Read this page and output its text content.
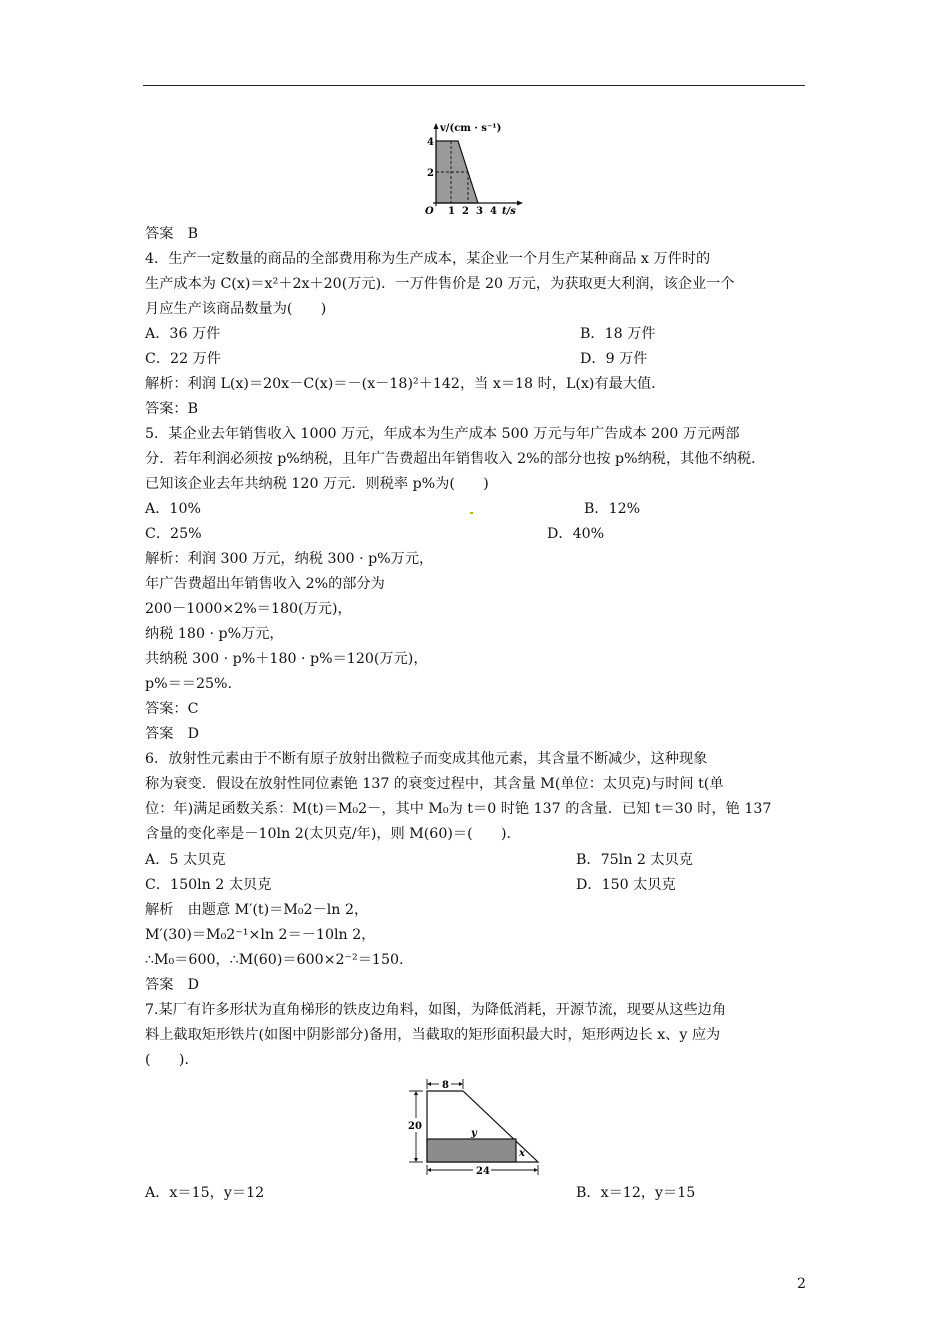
v/(cm · s⁻¹)
4
2
O 1 2 3 4 t/s
答案　B
4．生产一定数量的商品的全部费用称为生产成本，某企业一个月生产某种商品 x 万件时的
生产成本为 C(x)＝x²＋2x＋20(万元)．一万件售价是 20 万元，为获取更大利润，该企业一个
月应生产该商品数量为(　　)
A．36 万件	B．18 万件
C．22 万件	D．9 万件
解析：利润 L(x)＝20x－C(x)＝－(x－18)²＋142，当 x＝18 时，L(x)有最大值．
答案：B
5．某企业去年销售收入 1000 万元，年成本为生产成本 500 万元与年广告成本 200 万元两部
分．若年利润必须按 p%纳税，且年广告费超出年销售收入 2%的部分也按 p%纳税，其他不纳税．
已知该企业去年共纳税 120 万元．则税率 p%为(　　)
A．10%	B．12%
C．25%	D．40%
解析：利润 300 万元，纳税 300 · p%万元，
年广告费超出年销售收入 2%的部分为
200－1000×2%＝180(万元)，
纳税 180 · p%万元，
共纳税 300 · p%＋180 · p%＝120(万元)，
p%＝＝25%.
答案：C
答案　D
6．放射性元素由于不断有原子放射出微粒子而变成其他元素，其含量不断减少，这种现象
称为衰变．假设在放射性同位素铯 137 的衰变过程中，其含量 M(单位：太贝克)与时间 t(单
位：年)满足函数关系：M(t)＝M₀2－，其中 M₀为 t＝0 时铯 137 的含量．已知 t＝30 时，铯 137
含量的变化率是－10ln 2(太贝克/年)，则 M(60)＝(　　)．
A．5 太贝克	B．75ln 2 太贝克
C．150ln 2 太贝克	D．150 太贝克
解析　由题意 M′(t)＝M₀2－ln 2，
M′(30)＝M₀2⁻¹×ln 2＝－10ln 2，
∴M₀＝600，∴M(60)＝600×2⁻²＝150.
答案　D
7.某厂有许多形状为直角梯形的铁皮边角料，如图，为降低消耗，开源节流，现要从这些边角
料上截取矩形铁片(如图中阴影部分)备用，当截取的矩形面积最大时，矩形两边长 x、y 应为
(　　)．
8
20
24
y
x
A．x＝15，y＝12	B．x＝12，y＝15
2
